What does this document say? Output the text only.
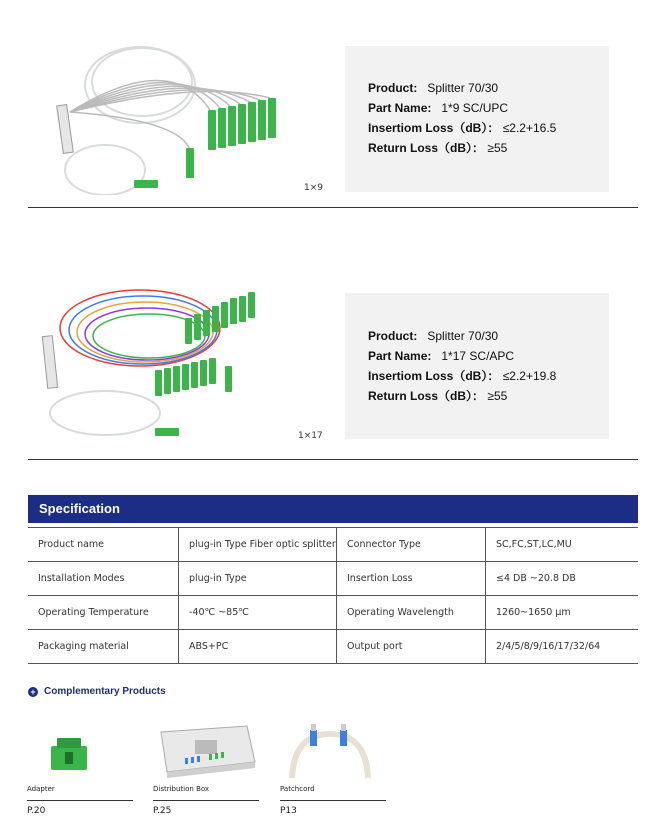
1×9
Product: Splitter 70/30
Part Name: 1*9 SC/UPC
Insertiom Loss（dB）： ≤2.2+16.5
Return Loss（dB）： ≥55
1×17
Product: Splitter 70/30
Part Name: 1*17 SC/APC
Insertiom Loss（dB）： ≤2.2+19.8
Return Loss（dB）： ≥55
Specification
Product name	plug-in Type Fiber optic splitter	Connector Type	SC,FC,ST,LC,MU
Installation Modes	plug-in Type	Insertion Loss	≤4 DB ~20.8 DB
Operating Temperature	-40℃ ~85℃	Operating Wavelength	1260~1650 μm
Packaging material	ABS+PC	Output port	2/4/5/8/9/16/17/32/64
+ Complementary Products
Adapter
P.20
Distribution Box
P.25
Patchcord
P13
